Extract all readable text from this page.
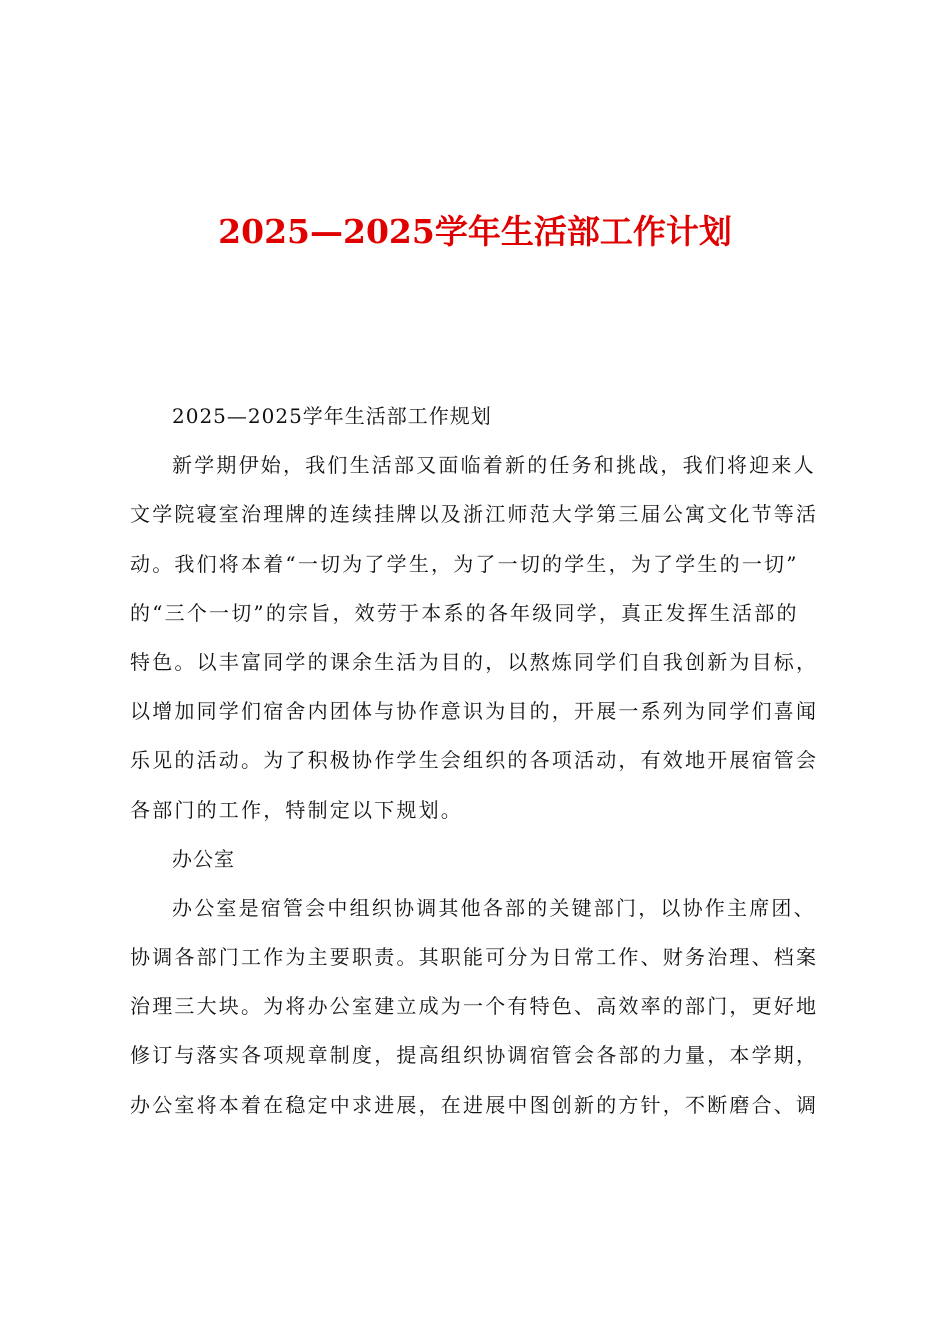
2025—2025学年生活部工作计划
2025—2025学年生活部工作规划
新学期伊始，我们生活部又面临着新的任务和挑战，我们将迎来人
文学院寝室治理牌的连续挂牌以及浙江师范大学第三届公寓文化节等活
动。我们将本着“一切为了学生，为了一切的学生，为了学生的一切”
的“三个一切”的宗旨，效劳于本系的各年级同学，真正发挥生活部的
特色。以丰富同学的课余生活为目的，以熬炼同学们自我创新为目标，
以增加同学们宿舍内团体与协作意识为目的，开展一系列为同学们喜闻
乐见的活动。为了积极协作学生会组织的各项活动，有效地开展宿管会
各部门的工作，特制定以下规划。
办公室
办公室是宿管会中组织协调其他各部的关键部门，以协作主席团、
协调各部门工作为主要职责。其职能可分为日常工作、财务治理、档案
治理三大块。为将办公室建立成为一个有特色、高效率的部门，更好地
修订与落实各项规章制度，提高组织协调宿管会各部的力量，本学期，
办公室将本着在稳定中求进展，在进展中图创新的方针，不断磨合、调
